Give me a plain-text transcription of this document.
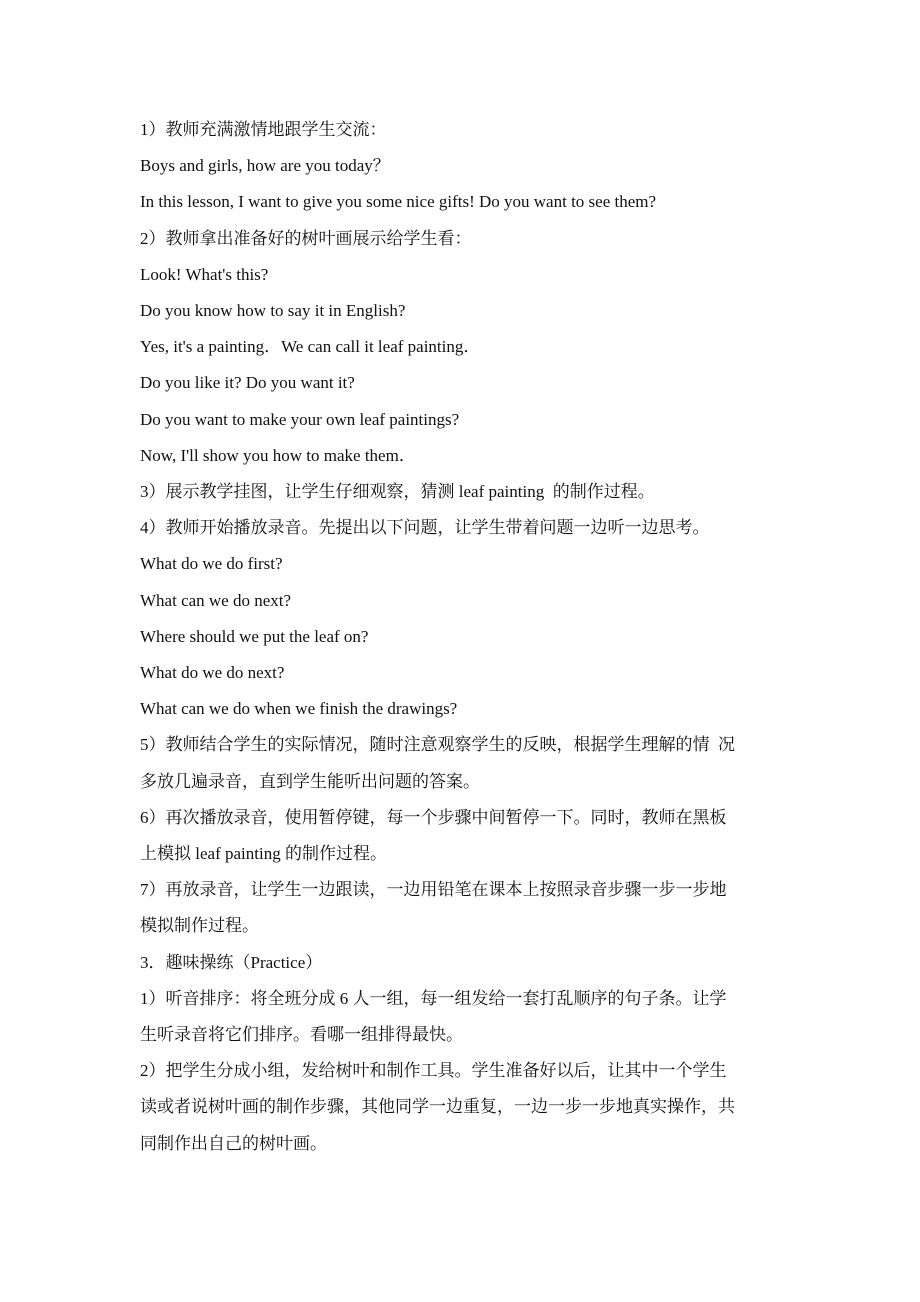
1）教师充满激情地跟学生交流：
Boys and girls, how are you today？
In this lesson, I want to give you some nice gifts! Do you want to see them?
2）教师拿出准备好的树叶画展示给学生看：
Look! What's this?
Do you know how to say it in English?
Yes, it's a painting．We can call it leaf painting．
Do you like it? Do you want it?
Do you want to make your own leaf paintings?
Now, I'll show you how to make them．
3）展示教学挂图，让学生仔细观察，猜测 leaf painting  的制作过程。
4）教师开始播放录音。先提出以下问题，让学生带着问题一边听一边思考。
What do we do first?
What can we do next?
Where should we put the leaf on?
What do we do next?
What can we do when we finish the drawings?
5）教师结合学生的实际情况，随时注意观察学生的反映，根据学生理解的情  况
多放几遍录音，直到学生能听出问题的答案。
6）再次播放录音，使用暂停键，每一个步骤中间暂停一下。同时，教师在黑板
上模拟 leaf painting 的制作过程。
7）再放录音，让学生一边跟读，一边用铅笔在课本上按照录音步骤一步一步地
模拟制作过程。
3．趣味操练（Practice）
1）听音排序：将全班分成 6 人一组，每一组发给一套打乱顺序的句子条。让学
生听录音将它们排序。看哪一组排得最快。
2）把学生分成小组，发给树叶和制作工具。学生准备好以后，让其中一个学生
读或者说树叶画的制作步骤，其他同学一边重复，一边一步一步地真实操作，共
同制作出自己的树叶画。
